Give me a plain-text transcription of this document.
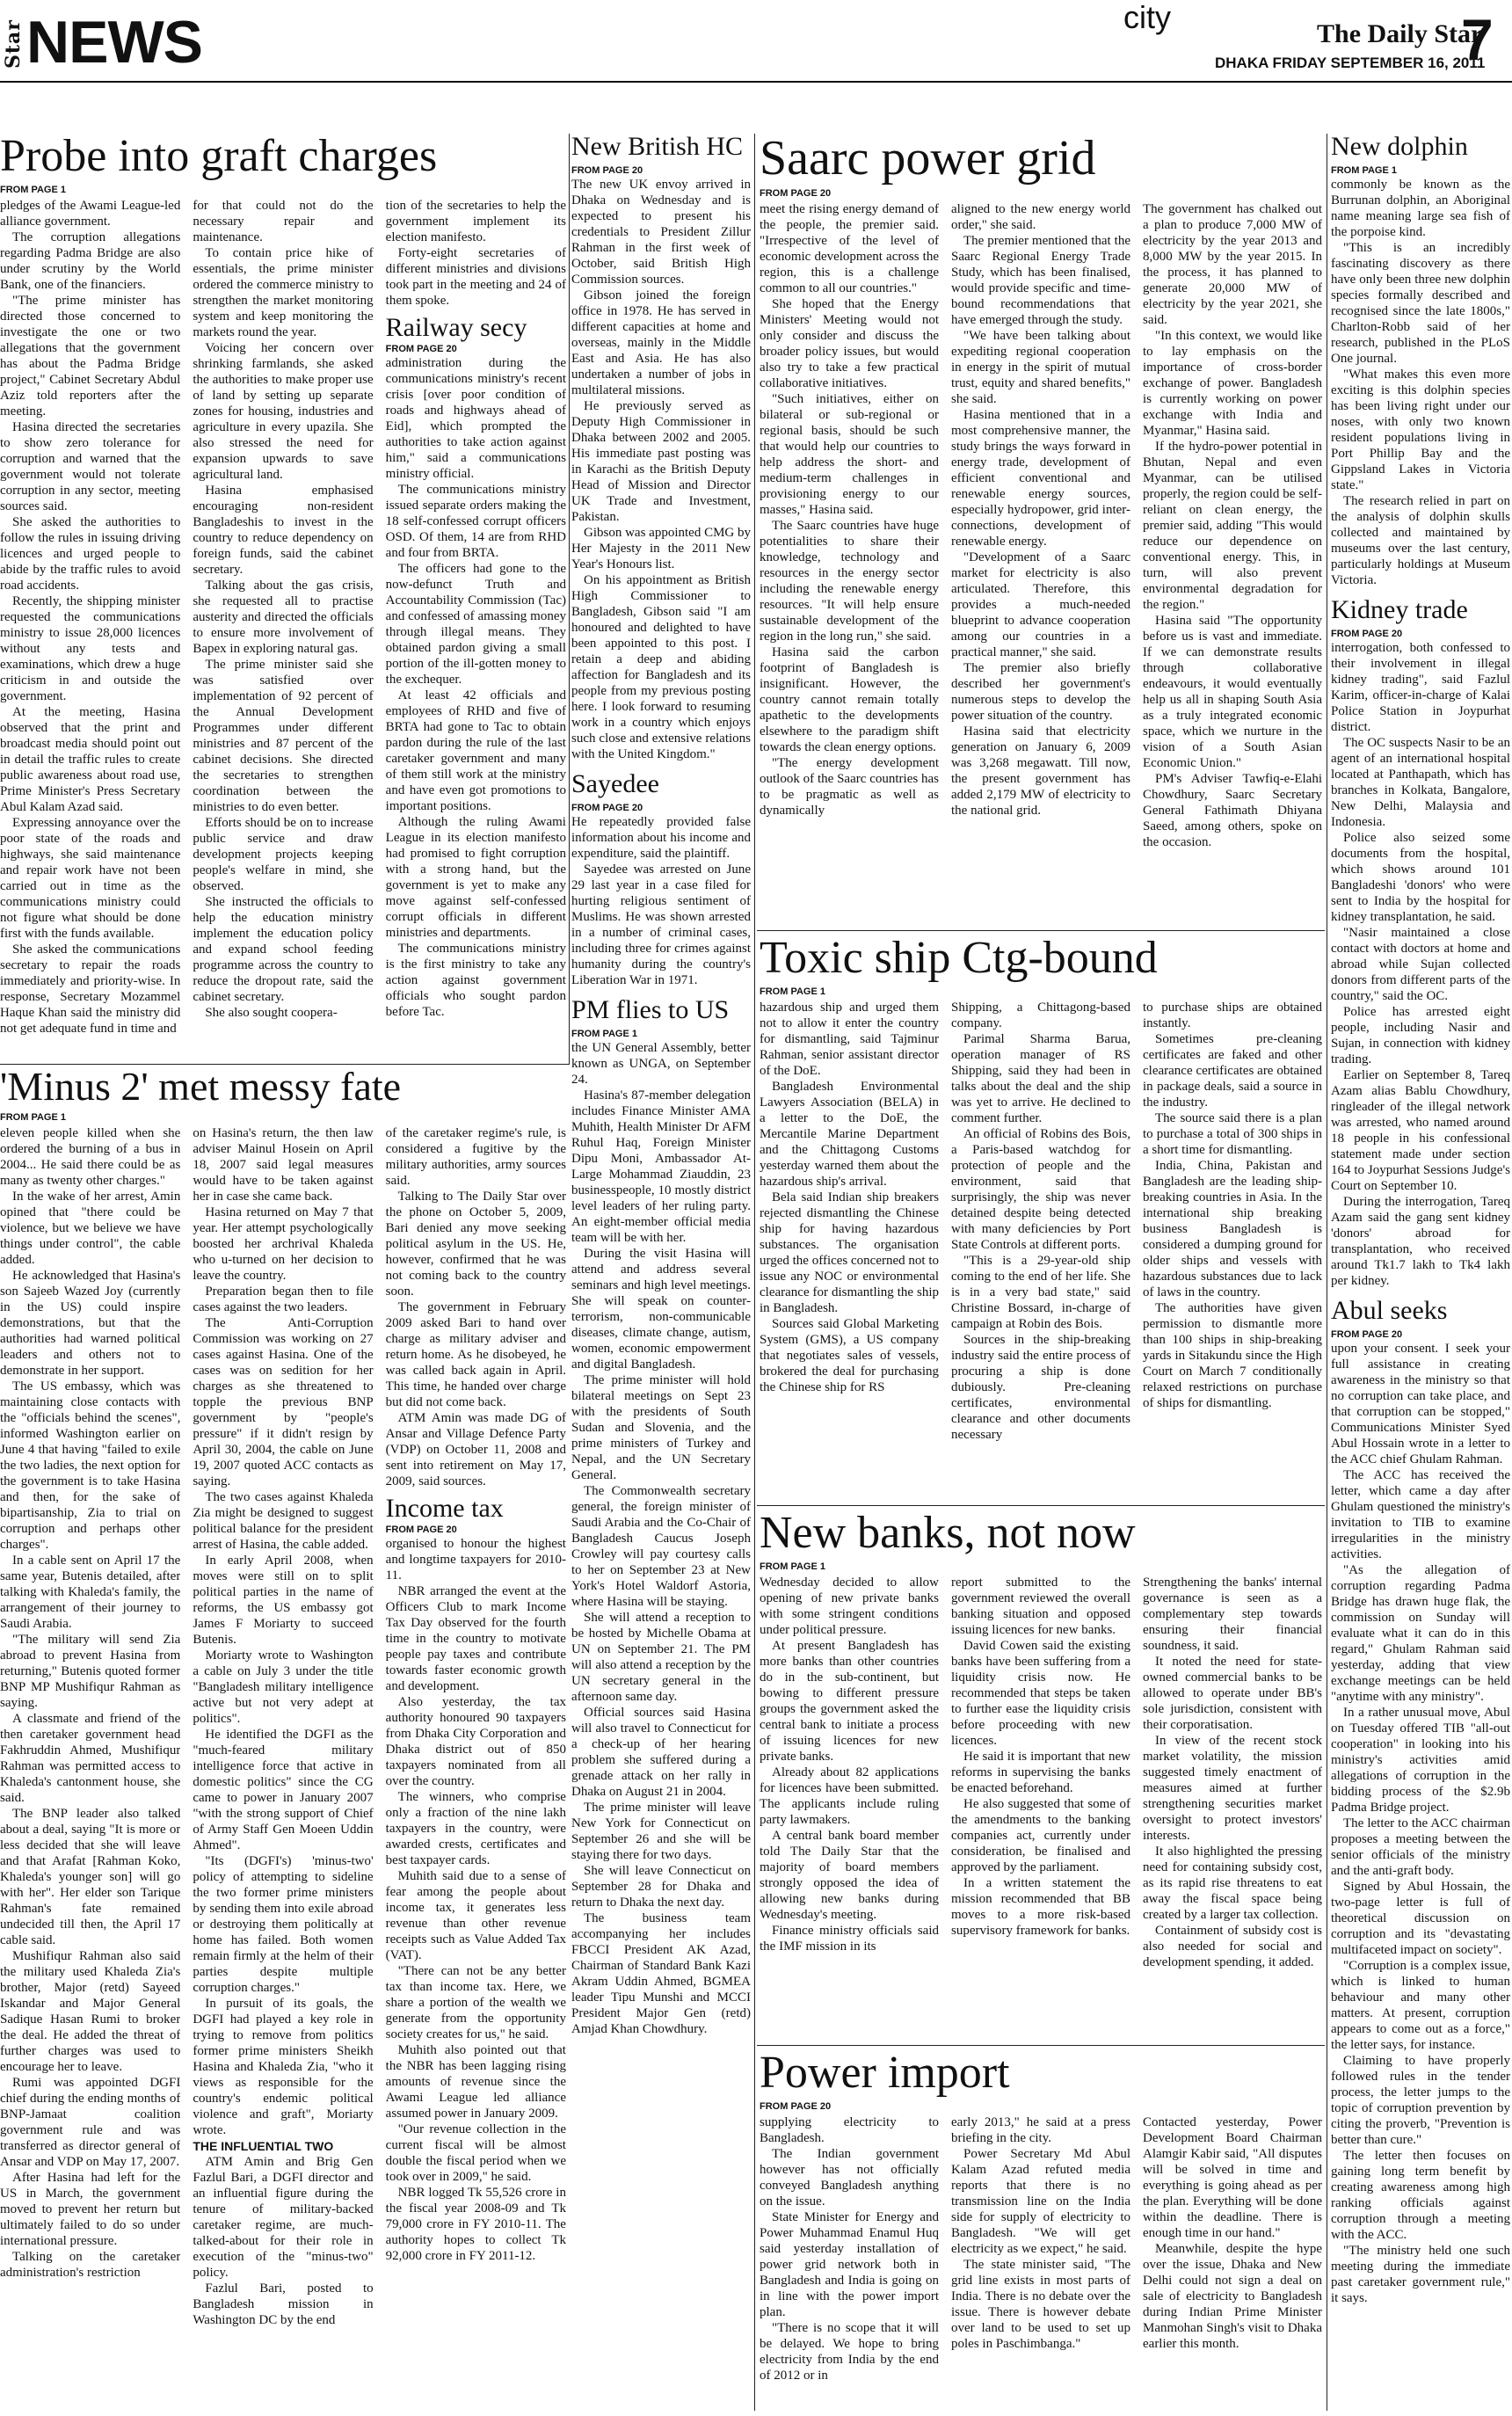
Star NEWS	city	The Daily Star
7
DHAKA FRIDAY SEPTEMBER 16, 2011
Probe into graft charges
FROM PAGE 1

pledges of the Awami League-led alliance government.

The corruption allegations regarding Padma Bridge are also under scrutiny by the World Bank, one of the financiers.

"The prime minister has directed those concerned to investigate the one or two allegations that the government has about the Padma Bridge project," Cabinet Secretary Abdul Aziz told reporters after the meeting.

Hasina directed the secretaries to show zero tolerance for corruption and warned that the government would not tolerate corruption in any sector, meeting sources said.

She asked the authorities to follow the rules in issuing driving licences and urged people to abide by the traffic rules to avoid road accidents.

Recently, the shipping minister requested the communications ministry to issue 28,000 licences without any tests and examinations, which drew a huge criticism in and outside the government.

At the meeting, Hasina observed that the print and broadcast media should point out in detail the traffic rules to create public awareness about road use, Prime Minister's Press Secretary Abul Kalam Azad said.

Expressing annoyance over the poor state of the roads and highways, she said maintenance and repair work have not been carried out in time as the communications ministry could not figure what should be done first with the funds available.

She asked the communications secretary to repair the roads immediately and priority-wise. In response, Secretary Mozammel Haque Khan said the ministry did not get adequate fund in time and

for that could not do the necessary repair and maintenance.

To contain price hike of essentials, the prime minister ordered the commerce ministry to strengthen the market monitoring system and keep monitoring the markets round the year.

Voicing her concern over shrinking farmlands, she asked the authorities to make proper use of land by setting up separate zones for housing, industries and agriculture in every upazila. She also stressed the need for expansion upwards to save agricultural land.

Hasina emphasised encouraging non-resident Bangladeshis to invest in the country to reduce dependency on foreign funds, said the cabinet secretary.

Talking about the gas crisis, she requested all to practise austerity and directed the officials to ensure more involvement of Bapex in exploring natural gas.

The prime minister said she was satisfied over implementation of 92 percent of the Annual Development Programmes under different ministries and 87 percent of the cabinet decisions. She directed the secretaries to strengthen coordination between the ministries to do even better.

Efforts should be on to increase public service and draw development projects keeping people's welfare in mind, she observed.

She instructed the officials to help the education ministry implement the education policy and expand school feeding programme across the country to reduce the dropout rate, said the cabinet secretary.

She also sought coopera-

tion of the secretaries to help the government implement its election manifesto.

Forty-eight secretaries of different ministries and divisions took part in the meeting and 24 of them spoke.

Railway secy
FROM PAGE 20

administration during the communications ministry's recent crisis [over poor condition of roads and highways ahead of Eid], which prompted the authorities to take action against him," said a communications ministry official.

The communications ministry issued separate orders making the 18 self-confessed corrupt officers OSD. Of them, 14 are from RHD and four from BRTA.

The officers had gone to the now-defunct Truth and Accountability Commission (Tac) and confessed of amassing money through illegal means. They obtained pardon giving a small portion of the ill-gotten money to the exchequer.

At least 42 officials and employees of RHD and five of BRTA had gone to Tac to obtain pardon during the rule of the last caretaker government and many of them still work at the ministry and have even got promotions to important positions.

Although the ruling Awami League in its election manifesto had promised to fight corruption with a strong hand, but the government is yet to make any move against self-confessed corrupt officials in different ministries and departments.

The communications ministry is the first ministry to take any action against government officials who sought pardon before Tac.

'Minus 2' met messy fate
FROM PAGE 1

eleven people killed when she ordered the burning of a bus in 2004... He said there could be as many as twenty other charges."

In the wake of her arrest, Amin opined that "there could be violence, but we believe we have things under control", the cable added.

He acknowledged that Hasina's son Sajeeb Wazed Joy (currently in the US) could inspire demonstrations, but that the authorities had warned political leaders and others not to demonstrate in her support.

The US embassy, which was maintaining close contacts with the "officials behind the scenes", informed Washington earlier on June 4 that having "failed to exile the two ladies, the next option for the government is to take Hasina and then, for the sake of bipartisanship, Zia to trial on corruption and perhaps other charges".

In a cable sent on April 17 the same year, Butenis detailed, after talking with Khaleda's family, the arrangement of their journey to Saudi Arabia.

"The military will send Zia abroad to prevent Hasina from returning," Butenis quoted former BNP MP Mushifiqur Rahman as saying.

A classmate and friend of the then caretaker government head Fakhruddin Ahmed, Mushifiqur Rahman was permitted access to Khaleda's cantonment house, she said.

The BNP leader also talked about a deal, saying "It is more or less decided that she will leave and that Arafat [Rahman Koko, Khaleda's younger son] will go with her". Her elder son Tarique Rahman's fate remained undecided till then, the April 17 cable said.

Mushifiqur Rahman also said the military used Khaleda Zia's brother, Major (retd) Sayeed Iskandar and Major General Sadique Hasan Rumi to broker the deal. He added the threat of further charges was used to encourage her to leave.

Rumi was appointed DGFI chief during the ending months of BNP-Jamaat coalition government rule and was transferred as director general of Ansar and VDP on May 17, 2007.

After Hasina had left for the US in March, the government moved to prevent her return but ultimately failed to do so under international pressure.

Talking on the caretaker administration's restriction

on Hasina's return, the then law adviser Mainul Hosein on April 18, 2007 said legal measures would have to be taken against her in case she came back.

Hasina returned on May 7 that year. Her attempt psychologically boosted her archrival Khaleda who u-turned on her decision to leave the country.

Preparation began then to file cases against the two leaders.

The Anti-Corruption Commission was working on 27 cases against Hasina. One of the cases was on sedition for her charges as she threatened to topple the previous BNP government by "people's pressure" if it didn't resign by April 30, 2004, the cable on June 19, 2007 quoted ACC contacts as saying.

The two cases against Khaleda Zia might be designed to suggest political balance for the president arrest of Hasina, the cable added.

In early April 2008, when moves were still on to split political parties in the name of reforms, the US embassy got James F Moriarty to succeed Butenis.

Moriarty wrote to Washington a cable on July 3 under the title "Bangladesh military intelligence active but not very adept at politics".

He identified the DGFI as the "much-feared military intelligence force that active in domestic politics" since the CG came to power in January 2007 "with the strong support of Chief of Army Staff Gen Moeen Uddin Ahmed".

"Its (DGFI's) 'minus-two' policy of attempting to sideline the two former prime ministers by sending them into exile abroad or destroying them politically at home has failed. Both women remain firmly at the helm of their parties despite multiple corruption charges."

In pursuit of its goals, the DGFI had played a key role in trying to remove from politics former prime ministers Sheikh Hasina and Khaleda Zia, "who it views as responsible for the country's endemic political violence and graft", Moriarty wrote.

THE INFLUENTIAL TWO

ATM Amin and Brig Gen Fazlul Bari, a DGFI director and an influential figure during the tenure of military-backed caretaker regime, are much-talked-about for their role in execution of the "minus-two" policy.

Fazlul Bari, posted to Bangladesh mission in Washington DC by the end

of the caretaker regime's rule, is considered a fugitive by the military authorities, army sources said.

Talking to The Daily Star over the phone on October 5, 2009, Bari denied any move seeking political asylum in the US. He, however, confirmed that he was not coming back to the country soon.

The government in February 2009 asked Bari to hand over charge as military adviser and return home. As he disobeyed, he was called back again in April. This time, he handed over charge but did not come back.

ATM Amin was made DG of Ansar and Village Defence Party (VDP) on October 11, 2008 and sent into retirement on May 17, 2009, said sources.

Income tax
FROM PAGE 20

organised to honour the highest and longtime taxpayers for 2010-11.

NBR arranged the event at the Officers Club to mark Income Tax Day observed for the fourth time in the country to motivate people pay taxes and contribute towards faster economic growth and development.

Also yesterday, the tax authority honoured 90 taxpayers from Dhaka City Corporation and Dhaka district out of 850 taxpayers nominated from all over the country.

The winners, who comprise only a fraction of the nine lakh taxpayers in the country, were awarded crests, certificates and best taxpayer cards.

Muhith said due to a sense of fear among the people about income tax, it generates less revenue than other revenue receipts such as Value Added Tax (VAT).

"There can not be any better tax than income tax. Here, we share a portion of the wealth we generate from the opportunity society creates for us," he said.

Muhith also pointed out that the NBR has been lagging rising amounts of revenue since the Awami League led alliance assumed power in January 2009.

"Our revenue collection in the current fiscal will be almost double the fiscal period when we took over in 2009," he said.

NBR logged Tk 55,526 crore in the fiscal year 2008-09 and Tk 79,000 crore in FY 2010-11. The authority hopes to collect Tk 92,000 crore in FY 2011-12.

New British HC
FROM PAGE 20

The new UK envoy arrived in Dhaka on Wednesday and is expected to present his credentials to President Zillur Rahman in the first week of October, said British High Commission sources.

Gibson joined the foreign office in 1978. He has served in different capacities at home and overseas, mainly in the Middle East and Asia. He has also undertaken a number of jobs in multilateral missions.

He previously served as Deputy High Commissioner in Dhaka between 2002 and 2005. His immediate past posting was in Karachi as the British Deputy Head of Mission and Director UK Trade and Investment, Pakistan.

Gibson was appointed CMG by Her Majesty in the 2011 New Year's Honours list.

On his appointment as British High Commissioner to Bangladesh, Gibson said "I am honoured and delighted to have been appointed to this post. I retain a deep and abiding affection for Bangladesh and its people from my previous posting here. I look forward to resuming work in a country which enjoys such close and extensive relations with the United Kingdom."

Sayedee
FROM PAGE 20

He repeatedly provided false information about his income and expenditure, said the plaintiff.

Sayedee was arrested on June 29 last year in a case filed for hurting religious sentiment of Muslims. He was shown arrested in a number of criminal cases, including three for crimes against humanity during the country's Liberation War in 1971.

PM flies to US
FROM PAGE 1

the UN General Assembly, better known as UNGA, on September 24.

Hasina's 87-member delegation includes Finance Minister AMA Muhith, Health Minister Dr AFM Ruhul Haq, Foreign Minister Dipu Moni, Ambassador At-Large Mohammad Ziauddin, 23 businesspeople, 10 mostly district level leaders of her ruling party. An eight-member official media team will be with her.

During the visit Hasina will attend and address several seminars and high level meetings. She will speak on counter-terrorism, non-communicable diseases, climate change, autism, women, economic empowerment and digital Bangladesh.

The prime minister will hold bilateral meetings on Sept 23 with the presidents of South Sudan and Slovenia, and the prime ministers of Turkey and Nepal, and the UN Secretary General.

The Commonwealth secretary general, the foreign minister of Saudi Arabia and the Co-Chair of Bangladesh Caucus Joseph Crowley will pay courtesy calls to her on September 23 at New York's Hotel Waldorf Astoria, where Hasina will be staying.

She will attend a reception to be hosted by Michelle Obama at UN on September 21. The PM will also attend a reception by the UN secretary general in the afternoon same day.

Official sources said Hasina will also travel to Connecticut for a check-up of her hearing problem she suffered during a grenade attack on her rally in Dhaka on August 21 in 2004.

The prime minister will leave New York for Connecticut on September 26 and she will be staying there for two days.

She will leave Connecticut on September 28 for Dhaka and return to Dhaka the next day.

The business team accompanying her includes FBCCI President AK Azad, Chairman of Standard Bank Kazi Akram Uddin Ahmed, BGMEA leader Tipu Munshi and MCCI President Major Gen (retd) Amjad Khan Chowdhury.

Saarc power grid
FROM PAGE 20

meet the rising energy demand of the people, the premier said. "Irrespective of the level of economic development across the region, this is a challenge common to all our countries."

She hoped that the Energy Ministers' Meeting would not only consider and discuss the broader policy issues, but would also try to take a few practical collaborative initiatives.

"Such initiatives, either on bilateral or sub-regional or regional basis, should be such that would help our countries to help address the short- and medium-term challenges in provisioning energy to our masses," Hasina said.

The Saarc countries have huge potentialities to share their knowledge, technology and resources in the energy sector including the renewable energy resources. "It will help ensure sustainable development of the region in the long run," she said.

Hasina said the carbon footprint of Bangladesh is insignificant. However, the country cannot remain totally apathetic to the developments elsewhere to the paradigm shift towards the clean energy options.

"The energy development outlook of the Saarc countries has to be pragmatic as well as dynamically

aligned to the new energy world order," she said.

The premier mentioned that the Saarc Regional Energy Trade Study, which has been finalised, would provide specific and time-bound recommendations that have emerged through the study.

"We have been talking about expediting regional cooperation in energy in the spirit of mutual trust, equity and shared benefits," she said.

Hasina mentioned that in a most comprehensive manner, the study brings the ways forward in energy trade, development of efficient conventional and renewable energy sources, especially hydropower, grid inter-connections, development of renewable energy.

"Development of a Saarc market for electricity is also articulated. Therefore, this provides a much-needed blueprint to advance cooperation among our countries in a practical manner," she said.

The premier also briefly described her government's numerous steps to develop the power situation of the country.

Hasina said that electricity generation on January 6, 2009 was 3,268 megawatt. Till now, the present government has added 2,179 MW of electricity to the national grid.

The government has chalked out a plan to produce 7,000 MW of electricity by the year 2013 and 8,000 MW by the year 2015. In the process, it has planned to generate 20,000 MW of electricity by the year 2021, she said.

"In this context, we would like to lay emphasis on the importance of cross-border exchange of power. Bangladesh is currently working on power exchange with India and Myanmar," Hasina said.

If the hydro-power potential in Bhutan, Nepal and even Myanmar, can be utilised properly, the region could be self-reliant on clean energy, the premier said, adding "This would reduce our dependence on conventional energy. This, in turn, will also prevent environmental degradation for the region."

Hasina said "The opportunity before us is vast and immediate. If we can demonstrate results through collaborative endeavours, it would eventually help us all in shaping South Asia as a truly integrated economic space, which we nurture in the vision of a South Asian Economic Union."

PM's Adviser Tawfiq-e-Elahi Chowdhury, Saarc Secretary General Fathimath Dhiyana Saeed, among others, spoke on the occasion.

Toxic ship Ctg-bound
FROM PAGE 1

hazardous ship and urged them not to allow it enter the country for dismantling, said Tajminur Rahman, senior assistant director of the DoE.

Bangladesh Environmental Lawyers Association (BELA) in a letter to the DoE, the Mercantile Marine Department and the Chittagong Customs yesterday warned them about the hazardous ship's arrival.

Bela said Indian ship breakers rejected dismantling the Chinese ship for having hazardous substances. The organisation urged the offices concerned not to issue any NOC or environmental clearance for dismantling the ship in Bangladesh.

Sources said Global Marketing System (GMS), a US company that negotiates sales of vessels, brokered the deal for purchasing the Chinese ship for RS

Shipping, a Chittagong-based company.

Parimal Sharma Barua, operation manager of RS Shipping, said they had been in talks about the deal and the ship was yet to arrive. He declined to comment further.

An official of Robins des Bois, a Paris-based watchdog for protection of people and the environment, said that surprisingly, the ship was never detained despite being detected with many deficiencies by Port State Controls at different ports.

"This is a 29-year-old ship coming to the end of her life. She is in a very bad state," said Christine Bossard, in-charge of campaign at Robin des Bois.

Sources in the ship-breaking industry said the entire process of procuring a ship is done dubiously. Pre-cleaning certificates, environmental clearance and other documents necessary

to purchase ships are obtained instantly.

Sometimes pre-cleaning certificates are faked and other clearance certificates are obtained in package deals, said a source in the industry.

The source said there is a plan to purchase a total of 300 ships in a short time for dismantling.

India, China, Pakistan and Bangladesh are the leading ship-breaking countries in Asia. In the international ship breaking business Bangladesh is considered a dumping ground for older ships and vessels with hazardous substances due to lack of laws in the country.

The authorities have given permission to dismantle more than 100 ships in ship-breaking yards in Sitakundu since the High Court on March 7 conditionally relaxed restrictions on purchase of ships for dismantling.

New banks, not now
FROM PAGE 1

Wednesday decided to allow opening of new private banks with some stringent conditions under political pressure.

At present Bangladesh has more banks than other countries do in the sub-continent, but bowing to different pressure groups the government asked the central bank to initiate a process of issuing licences for new private banks.

Already about 82 applications for licences have been submitted. The applicants include ruling party lawmakers.

A central bank board member told The Daily Star that the majority of board members strongly opposed the idea of allowing new banks during Wednesday's meeting.

Finance ministry officials said the IMF mission in its

report submitted to the government reviewed the overall banking situation and opposed issuing licences for new banks.

David Cowen said the existing banks have been suffering from a liquidity crisis now. He recommended that steps be taken to further ease the liquidity crisis before proceeding with new licences.

He said it is important that new reforms in supervising the banks be enacted beforehand.

He also suggested that some of the amendments to the banking companies act, currently under consideration, be finalised and approved by the parliament.

In a written statement the mission recommended that BB moves to a more risk-based supervisory framework for banks.

Strengthening the banks' internal governance is seen as a complementary step towards ensuring their financial soundness, it said.

It noted the need for state-owned commercial banks to be allowed to operate under BB's sole jurisdiction, consistent with their corporatisation.

In view of the recent stock market volatility, the mission suggested timely enactment of measures aimed at further strengthening securities market oversight to protect investors' interests.

It also highlighted the pressing need for containing subsidy cost, as its rapid rise threatens to eat away the fiscal space being created by a larger tax collection.

Containment of subsidy cost is also needed for social and development spending, it added.

Power import
FROM PAGE 20

supplying electricity to Bangladesh.

The Indian government however has not officially conveyed Bangladesh anything on the issue.

State Minister for Energy and Power Muhammad Enamul Huq said yesterday installation of power grid network both in Bangladesh and India is going on in line with the power import plan.

"There is no scope that it will be delayed. We hope to bring electricity from India by the end of 2012 or in

early 2013," he said at a press briefing in the city.

Power Secretary Md Abul Kalam Azad refuted media reports that there is no transmission line on the India side for supply of electricity to Bangladesh. "We will get electricity as we expect," he said.

The state minister said, "The grid line exists in most parts of India. There is no debate over the issue. There is however debate over land to be used to set up poles in Paschimbanga."

Contacted yesterday, Power Development Board Chairman Alamgir Kabir said, "All disputes will be solved in time and everything is going ahead as per the plan. Everything will be done within the deadline. There is enough time in our hand."

Meanwhile, despite the hype over the issue, Dhaka and New Delhi could not sign a deal on sale of electricity to Bangladesh during Indian Prime Minister Manmohan Singh's visit to Dhaka earlier this month.

New dolphin
FROM PAGE 1

commonly be known as the Burrunan dolphin, an Aboriginal name meaning large sea fish of the porpoise kind.

"This is an incredibly fascinating discovery as there have only been three new dolphin species formally described and recognised since the late 1800s," Charlton-Robb said of her research, published in the PLoS One journal.

"What makes this even more exciting is this dolphin species has been living right under our noses, with only two known resident populations living in Port Phillip Bay and the Gippsland Lakes in Victoria state."

The research relied in part on the analysis of dolphin skulls collected and maintained by museums over the last century, particularly holdings at Museum Victoria.

Kidney trade
FROM PAGE 20

interrogation, both confessed to their involvement in illegal kidney trading", said Fazlul Karim, officer-in-charge of Kalai Police Station in Joypurhat district.

The OC suspects Nasir to be an agent of an international hospital located at Panthapath, which has branches in Kolkata, Bangalore, New Delhi, Malaysia and Indonesia.

Police also seized some documents from the hospital, which shows around 101 Bangladeshi 'donors' who were sent to India by the hospital for kidney transplantation, he said.

"Nasir maintained a close contact with doctors at home and abroad while Sujan collected donors from different parts of the country," said the OC.

Police has arrested eight people, including Nasir and Sujan, in connection with kidney trading.

Earlier on September 8, Tareq Azam alias Bablu Chowdhury, ringleader of the illegal network was arrested, who named around 18 people in his confessional statement made under section 164 to Joypurhat Sessions Judge's Court on September 10.

During the interrogation, Tareq Azam said the gang sent kidney 'donors' abroad for transplantation, who received around Tk1.7 lakh to Tk4 lakh per kidney.

Abul seeks
FROM PAGE 20

upon your consent. I seek your full assistance in creating awareness in the ministry so that no corruption can take place, and that corruption can be stopped," Communications Minister Syed Abul Hossain wrote in a letter to the ACC chief Ghulam Rahman.

The ACC has received the letter, which came a day after Ghulam questioned the ministry's invitation to TIB to examine irregularities in the ministry activities.

"As the allegation of corruption regarding Padma Bridge has drawn huge flak, the commission on Sunday will evaluate what it can do in this regard," Ghulam Rahman said yesterday, adding that view exchange meetings can be held "anytime with any ministry".

In a rather unusual move, Abul on Tuesday offered TIB "all-out cooperation" in looking into his ministry's activities amid allegations of corruption in the bidding process of the $2.9b Padma Bridge project.

The letter to the ACC chairman proposes a meeting between the senior officials of the ministry and the anti-graft body.

Signed by Abul Hossain, the two-page letter is full of theoretical discussion on corruption and its "devastating multifaceted impact on society".

"Corruption is a complex issue, which is linked to human behaviour and many other matters. At present, corruption appears to come out as a force," the letter says, for instance.

Claiming to have properly followed rules in the tender process, the letter jumps to the topic of corruption prevention by citing the proverb, "Prevention is better than cure."

The letter then focuses on gaining long term benefit by creating awareness among high ranking officials against corruption through a meeting with the ACC.

"The ministry held one such meeting during the immediate past caretaker government rule," it says.
